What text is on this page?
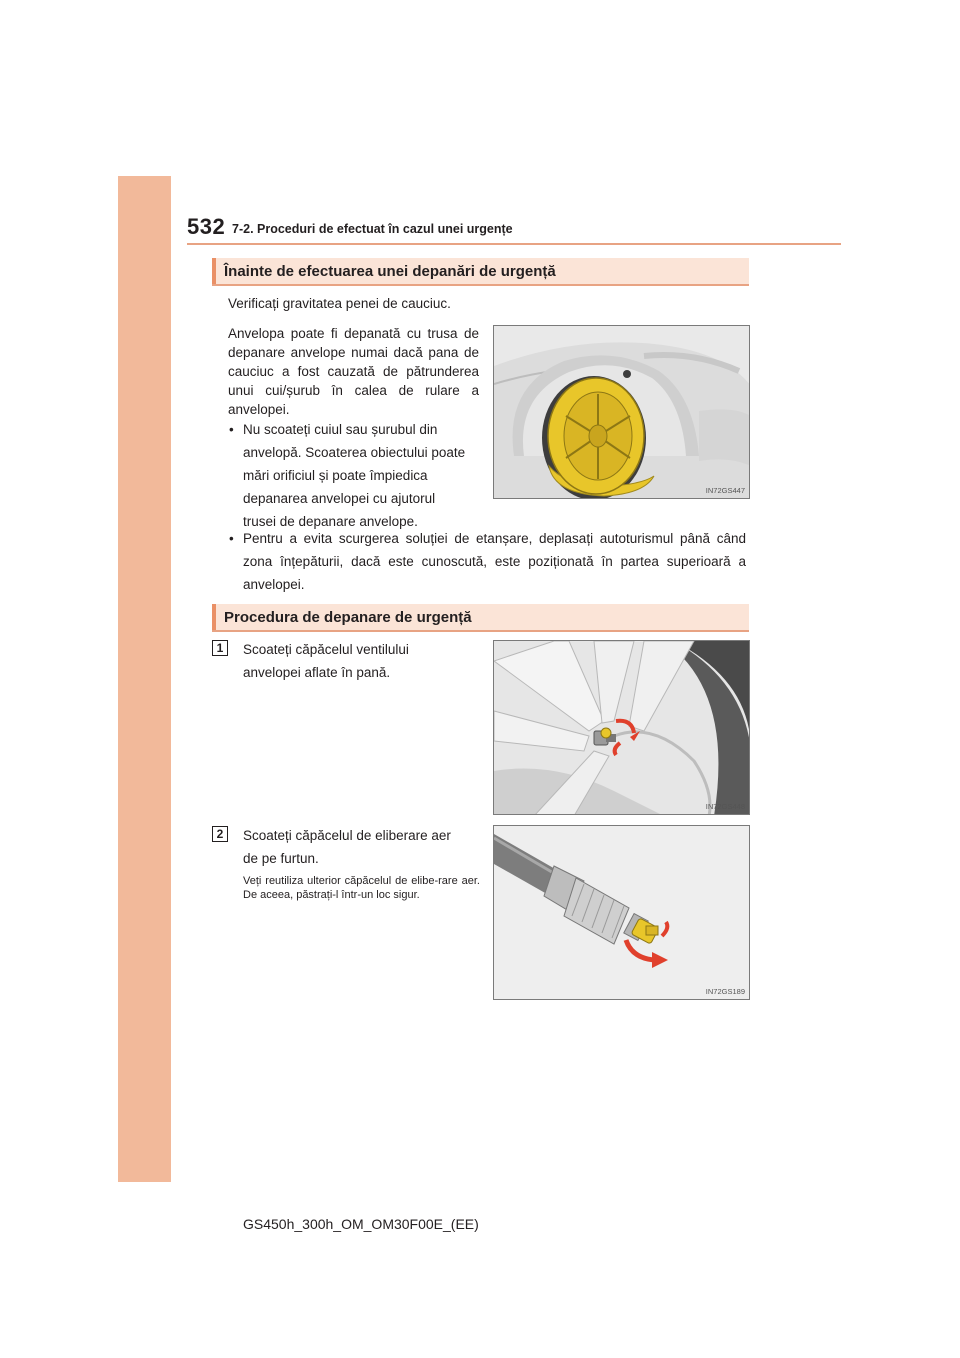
532 7-2. Proceduri de efectuat în cazul unei urgențe
Înainte de efectuarea unei depanări de urgență
Verificați gravitatea penei de cauciuc.
Anvelopa poate fi depanată cu trusa de depanare anvelope numai dacă pana de cauciuc a fost cauzată de pătrunderea unui cui/șurub în calea de rulare a anvelopei.
• Nu scoateți cuiul sau șurubul din
anvelopă. Scoaterea obiectului poate
mări orificiul și poate împiedica
depanarea anvelopei cu ajutorul
trusei de depanare anvelope.
• Pentru a evita scurgerea soluției de etanșare, deplasați autoturismul până când
zona înțepăturii, dacă este cunoscută, este poziționată în partea superioară a
anvelopei.
IN72GS447
Procedura de depanare de urgență
1	Scoateți căpăcelul ventilului
anvelopei aflate în pană.
IN72GS448
2	Scoateți căpăcelul de eliberare aer
de pe furtun.
Veți reutiliza ulterior căpăcelul de elibe-rare aer. De aceea, păstrați-l într-un loc sigur.
IN72GS189
GS450h_300h_OM_OM30F00E_(EE)
